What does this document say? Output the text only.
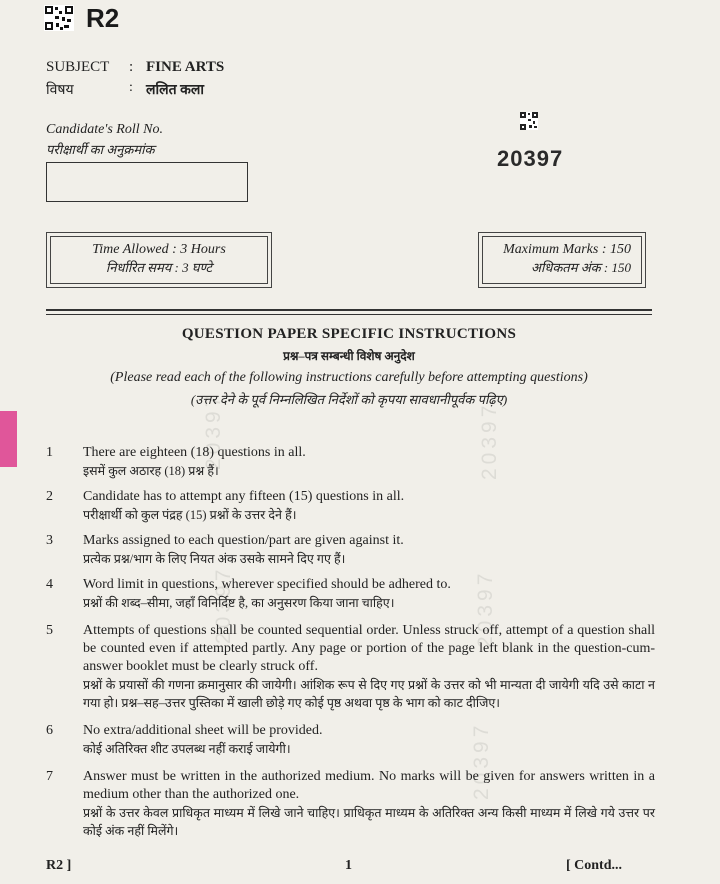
R2
SUBJECT	: FINE ARTS
विषय	: ललित कला
Candidate's Roll No.
परीक्षार्थी का अनुक्रमांक	20397
Time Allowed : 3 Hours
निर्धारित समय : 3 घण्टे
Maximum Marks : 150
अधिकतम अंक : 150
QUESTION PAPER SPECIFIC INSTRUCTIONS
प्रश्न–पत्र सम्बन्धी विशेष अनुदेश
(Please read each of the following instructions carefully before attempting questions)
(उत्तर देने के पूर्व निम्नलिखित निर्देशों को कृपया सावधानीपूर्वक पढ़िए)
20397	20397
20397	20397
20397
1	There are eighteen (18) questions in all.
इसमें कुल अठारह (18) प्रश्न हैं।
2	Candidate has to attempt any fifteen (15) questions in all.
परीक्षार्थी को कुल पंद्रह (15) प्रश्नों के उत्तर देने हैं।
3	Marks assigned to each question/part are given against it.
प्रत्येक प्रश्न/भाग के लिए नियत अंक उसके सामने दिए गए हैं।
4	Word limit in questions, wherever specified should be adhered to.
प्रश्नों की शब्द–सीमा, जहाँ विनिर्दिष्ट है, का अनुसरण किया जाना चाहिए।
5	Attempts of questions shall be counted sequential order. Unless struck off, attempt of a question shall be counted even if attempted partly. Any page or portion of the page left blank in the question-cum-answer booklet must be clearly struck off.
प्रश्नों के प्रयासों की गणना क्रमानुसार की जायेगी। आंशिक रूप से दिए गए प्रश्नों के उत्तर को भी मान्यता दी जायेगी यदि उसे काटा न गया हो। प्रश्न–सह–उत्तर पुस्तिका में खाली छोड़े गए कोई पृष्ठ अथवा पृष्ठ के भाग को काट दीजिए।
6	No extra/additional sheet will be provided.
कोई अतिरिक्त शीट उपलब्ध नहीं कराई जायेगी।
7	Answer must be written in the authorized medium. No marks will be given for answers written in a medium other than the authorized one.
प्रश्नों के उत्तर केवल प्राधिकृत माध्यम में लिखे जाने चाहिए। प्राधिकृत माध्यम के अतिरिक्त अन्य किसी माध्यम में लिखे गये उत्तर पर कोई अंक नहीं मिलेंगे।
R2 ]	1	[ Contd...
